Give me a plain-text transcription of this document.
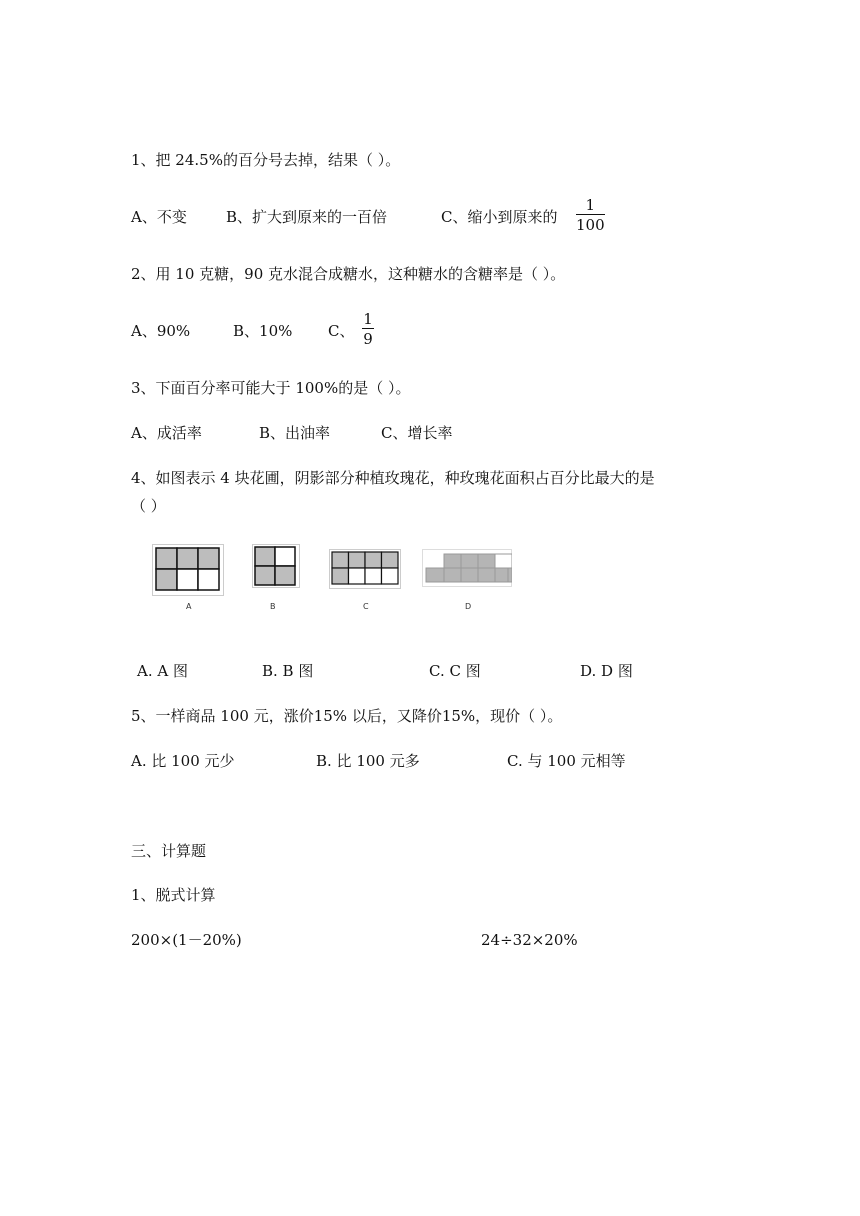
1、把 24.5%的百分号去掉，结果（ ）。
A、不变	B、扩大到原来的一百倍	C、缩小到原来的
1
100
2、用 10 克糖，90 克水混合成糖水，这种糖水的含糖率是（ ）。
A、90%	B、10% C、
1
9
3、下面百分率可能大于 100%的是（ ）。
A、成活率	B、出油率	C、增长率
4、如图表示 4 块花圃，阴影部分种植玫瑰花，种玫瑰花面积占百分比最大的是
（ ）
A	B	C	D
A. A 图	B. B 图	C. C 图	D. D 图
5、一样商品 100 元，涨价15% 以后，又降价15%，现价（ ）。
A. 比 100 元少	B. 比 100 元多	C. 与 100 元相等
三、计算题
1、脱式计算
200×(1－20%)	24÷32×20%
